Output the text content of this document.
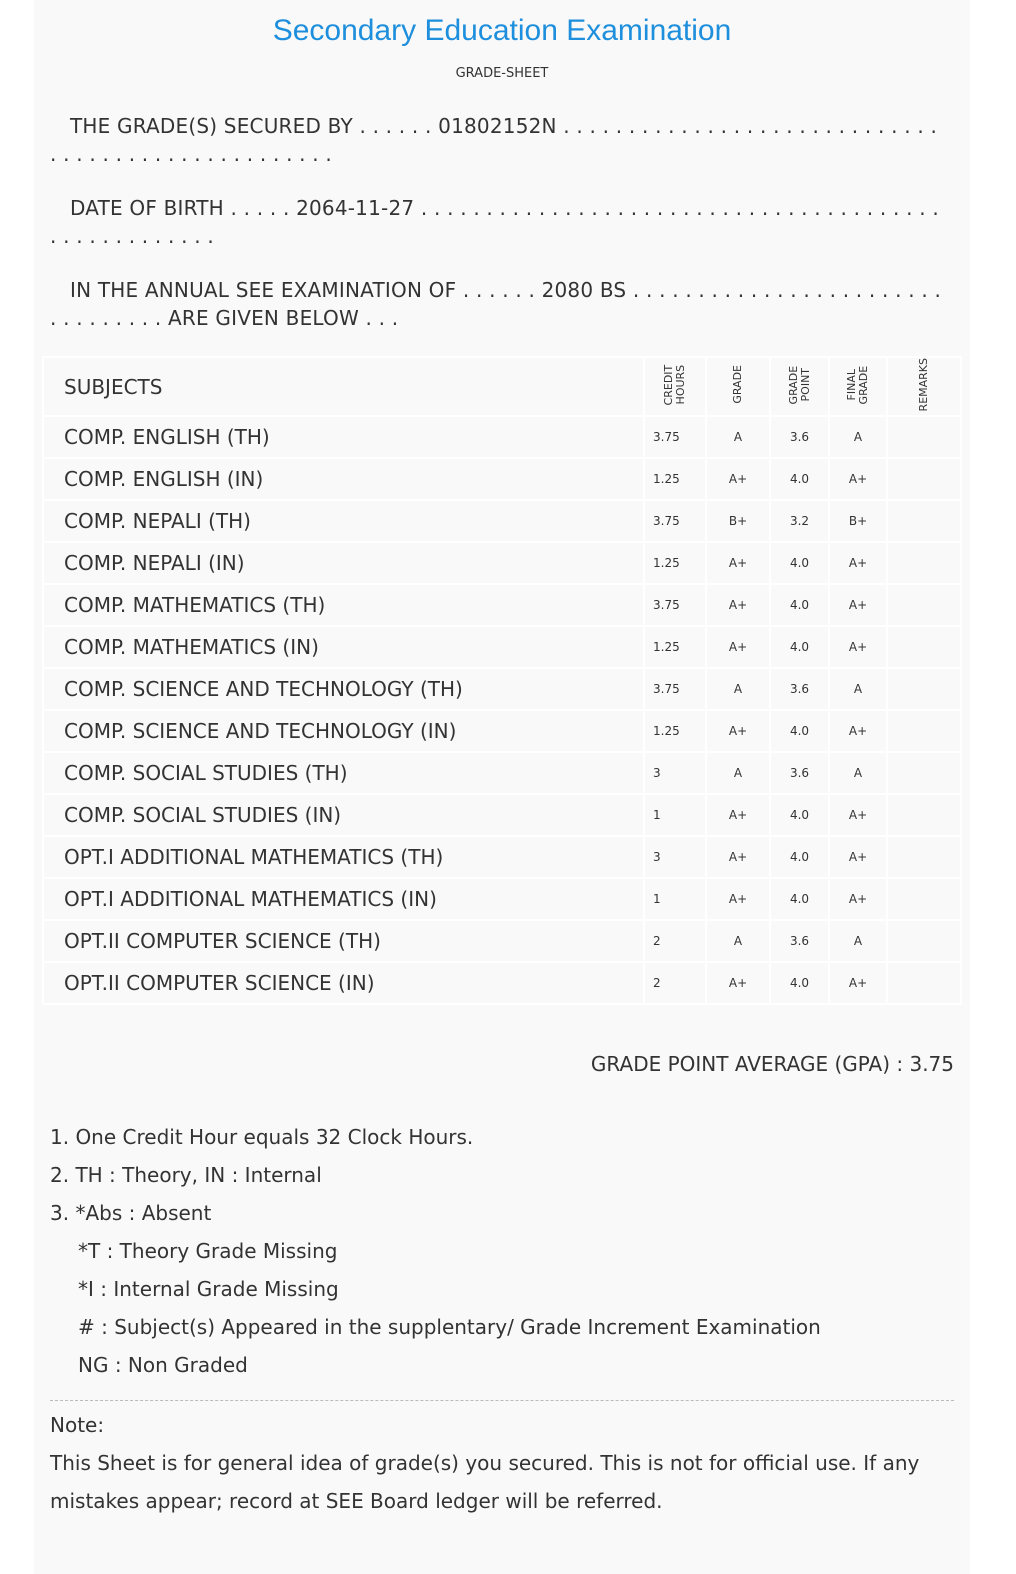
Secondary Education Examination
GRADE-SHEET
THE GRADE(S) SECURED BY . . . . . . 01802152N . . . . . . . . . . . . . . . . . . . . . . . . . . . . . . . . . . . . . . . . . . . . . . . . . . .
DATE OF BIRTH . . . . . 2064-11-27 . . . . . . . . . . . . . . . . . . . . . . . . . . . . . . . . . . . . . . . . . . . . . . . . . . . . .
IN THE ANNUAL SEE EXAMINATION OF . . . . . . 2080 BS . . . . . . . . . . . . . . . . . . . . . . . . . . . . . . . . . ARE GIVEN BELOW . . .
SUBJECTS	CREDIT HOURS	GRADE	GRADE POINT	FINAL GRADE	REMARKS
COMP. ENGLISH (TH)	3.75	A	3.6	A	
COMP. ENGLISH (IN)	1.25	A+	4.0	A+	
COMP. NEPALI (TH)	3.75	B+	3.2	B+	
COMP. NEPALI (IN)	1.25	A+	4.0	A+	
COMP. MATHEMATICS (TH)	3.75	A+	4.0	A+	
COMP. MATHEMATICS (IN)	1.25	A+	4.0	A+	
COMP. SCIENCE AND TECHNOLOGY (TH)	3.75	A	3.6	A	
COMP. SCIENCE AND TECHNOLOGY (IN)	1.25	A+	4.0	A+	
COMP. SOCIAL STUDIES (TH)	3	A	3.6	A	
COMP. SOCIAL STUDIES (IN)	1	A+	4.0	A+	
OPT.I ADDITIONAL MATHEMATICS (TH)	3	A+	4.0	A+	
OPT.I ADDITIONAL MATHEMATICS (IN)	1	A+	4.0	A+	
OPT.II COMPUTER SCIENCE (TH)	2	A	3.6	A	
OPT.II COMPUTER SCIENCE (IN)	2	A+	4.0	A+	
GRADE POINT AVERAGE (GPA) : 3.75
1. One Credit Hour equals 32 Clock Hours.
2. TH : Theory, IN : Internal
3. *Abs : Absent
*T : Theory Grade Missing
*I : Internal Grade Missing
# : Subject(s) Appeared in the supplentary/ Grade Increment Examination
NG : Non Graded
Note:
This Sheet is for general idea of grade(s) you secured. This is not for official use. If any mistakes appear; record at SEE Board ledger will be referred.
